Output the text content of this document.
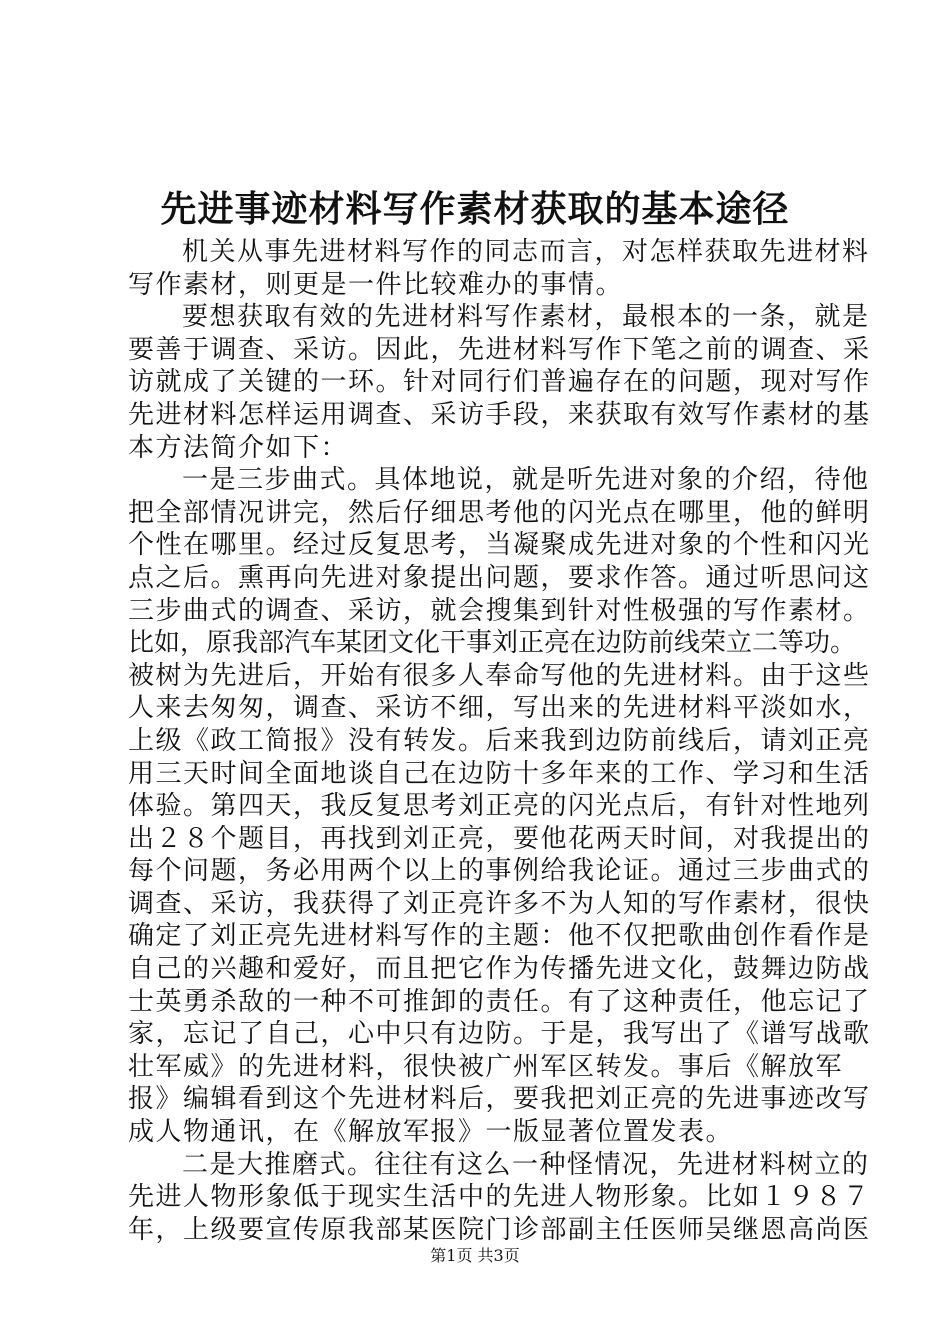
先进事迹材料写作素材获取的基本途径
机关从事先进材料写作的同志而言，对怎样获取先进材料
写作素材，则更是一件比较难办的事情。
要想获取有效的先进材料写作素材，最根本的一条，就是
要善于调查、采访。因此，先进材料写作下笔之前的调查、采
访就成了关键的一环。针对同行们普遍存在的问题，现对写作
先进材料怎样运用调查、采访手段，来获取有效写作素材的基
本方法简介如下：
一是三步曲式。具体地说，就是听先进对象的介绍，待他
把全部情况讲完，然后仔细思考他的闪光点在哪里，他的鲜明
个性在哪里。经过反复思考，当凝聚成先进对象的个性和闪光
点之后。熏再向先进对象提出问题，要求作答。通过听思问这
三步曲式的调查、采访，就会搜集到针对性极强的写作素材。
比如，原我部汽车某团文化干事刘正亮在边防前线荣立二等功。
被树为先进后，开始有很多人奉命写他的先进材料。由于这些
人来去匆匆，调查、采访不细，写出来的先进材料平淡如水，
上级《政工简报》没有转发。后来我到边防前线后，请刘正亮
用三天时间全面地谈自己在边防十多年来的工作、学习和生活
体验。第四天，我反复思考刘正亮的闪光点后，有针对性地列
出２８个题目，再找到刘正亮，要他花两天时间，对我提出的
每个问题，务必用两个以上的事例给我论证。通过三步曲式的
调查、采访，我获得了刘正亮许多不为人知的写作素材，很快
确定了刘正亮先进材料写作的主题：他不仅把歌曲创作看作是
自己的兴趣和爱好，而且把它作为传播先进文化，鼓舞边防战
士英勇杀敌的一种不可推卸的责任。有了这种责任，他忘记了
家，忘记了自己，心中只有边防。于是，我写出了《谱写战歌
壮军威》的先进材料，很快被广州军区转发。事后《解放军
报》编辑看到这个先进材料后，要我把刘正亮的先进事迹改写
成人物通讯，在《解放军报》一版显著位置发表。
二是大推磨式。往往有这么一种怪情况，先进材料树立的
先进人物形象低于现实生活中的先进人物形象。比如１９８７
年，上级要宣传原我部某医院门诊部副主任医师吴继恩高尚医
第1页 共3页
